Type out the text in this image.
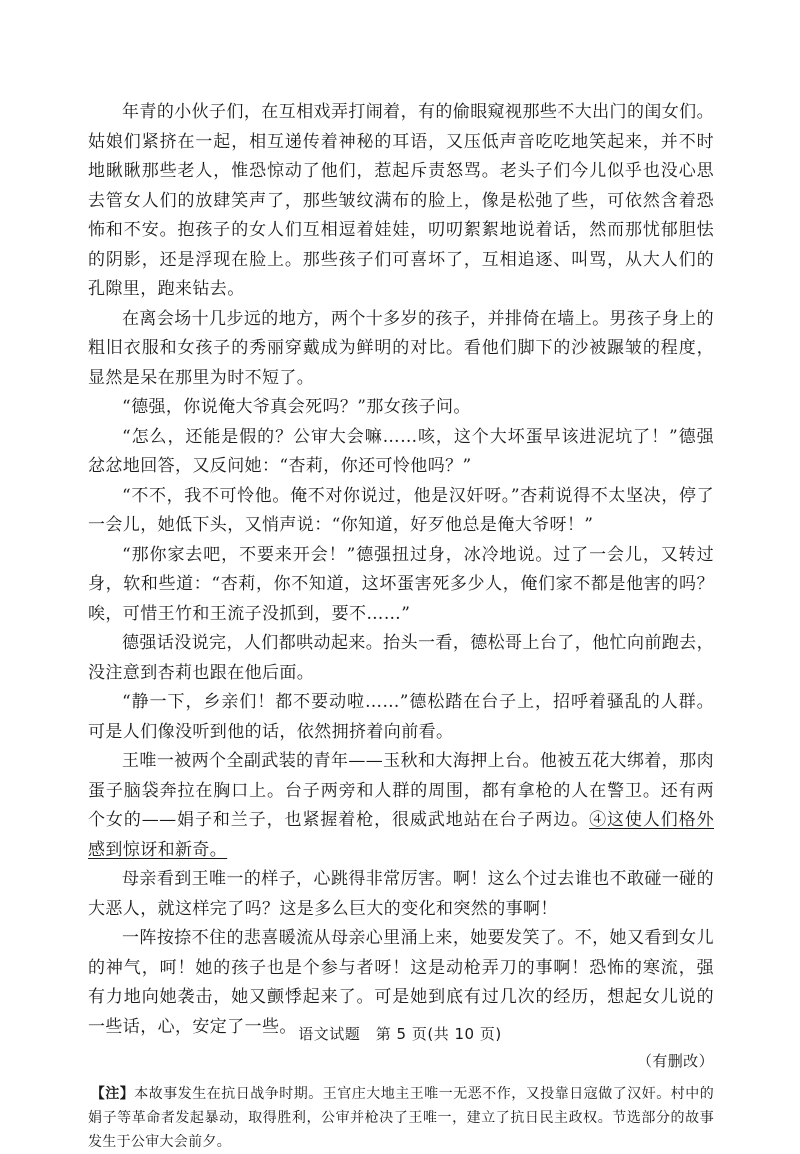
年青的小伙子们，在互相戏弄打闹着，有的偷眼窥视那些不大出门的闺女们。姑娘们紧挤在一起，相互递传着神秘的耳语，又压低声音吃吃地笑起来，并不时地瞅瞅那些老人，惟恐惊动了他们，惹起斥责怒骂。老头子们今儿似乎也没心思去管女人们的放肆笑声了，那些皱纹满布的脸上，像是松弛了些，可依然含着恐怖和不安。抱孩子的女人们互相逗着娃娃，叨叨絮絮地说着话，然而那忧郁胆怯的阴影，还是浮现在脸上。那些孩子们可喜坏了，互相追逐、叫骂，从大人们的孔隙里，跑来钻去。

在离会场十几步远的地方，两个十多岁的孩子，并排倚在墙上。男孩子身上的粗旧衣服和女孩子的秀丽穿戴成为鲜明的对比。看他们脚下的沙被蹍皱的程度，显然是呆在那里为时不短了。

“德强，你说俺大爷真会死吗？”那女孩子问。

“怎么，还能是假的？公审大会嘛……咳，这个大坏蛋早该进泥坑了！”德强忿忿地回答，又反问她：“杏莉，你还可怜他吗？”

“不不，我不可怜他。俺不对你说过，他是汉奸呀。”杏莉说得不太坚决，停了一会儿，她低下头，又悄声说：“你知道，好歹他总是俺大爷呀！”

“那你家去吧，不要来开会！”德强扭过身，冰冷地说。过了一会儿，又转过身，软和些道：“杏莉，你不知道，这坏蛋害死多少人，俺们家不都是他害的吗？唉，可惜王竹和王流子没抓到，要不……”

德强话没说完，人们都哄动起来。抬头一看，德松哥上台了，他忙向前跑去，没注意到杏莉也跟在他后面。

“静一下，乡亲们！都不要动啦……”德松踏在台子上，招呼着骚乱的人群。可是人们像没听到他的话，依然拥挤着向前看。

王唯一被两个全副武装的青年——玉秋和大海押上台。他被五花大绑着，那肉蛋子脑袋奔拉在胸口上。台子两旁和人群的周围，都有拿枪的人在警卫。还有两个女的——娟子和兰子，也紧握着枪，很威武地站在台子两边。④这使人们格外感到惊讶和新奇。

母亲看到王唯一的样子，心跳得非常厉害。啊！这么个过去谁也不敢碰一碰的大恶人，就这样完了吗？这是多么巨大的变化和突然的事啊！

一阵按捺不住的悲喜暖流从母亲心里涌上来，她要发笑了。不，她又看到女儿的神气，呵！她的孩子也是个参与者呀！这是动枪弄刀的事啊！恐怖的寒流，强有力地向她袭击，她又颤悸起来了。可是她到底有过几次的经历，想起女儿说的一些话，心，安定了一些。

（有删改）

【注】本故事发生在抗日战争时期。王官庄大地主王唯一无恶不作，又投靠日寇做了汉奸。村中的娟子等革命者发起暴动，取得胜利，公审并枪决了王唯一，建立了抗日民主政权。节选部分的故事发生于公审大会前夕。

语文试题　第 5 页(共 10 页)
